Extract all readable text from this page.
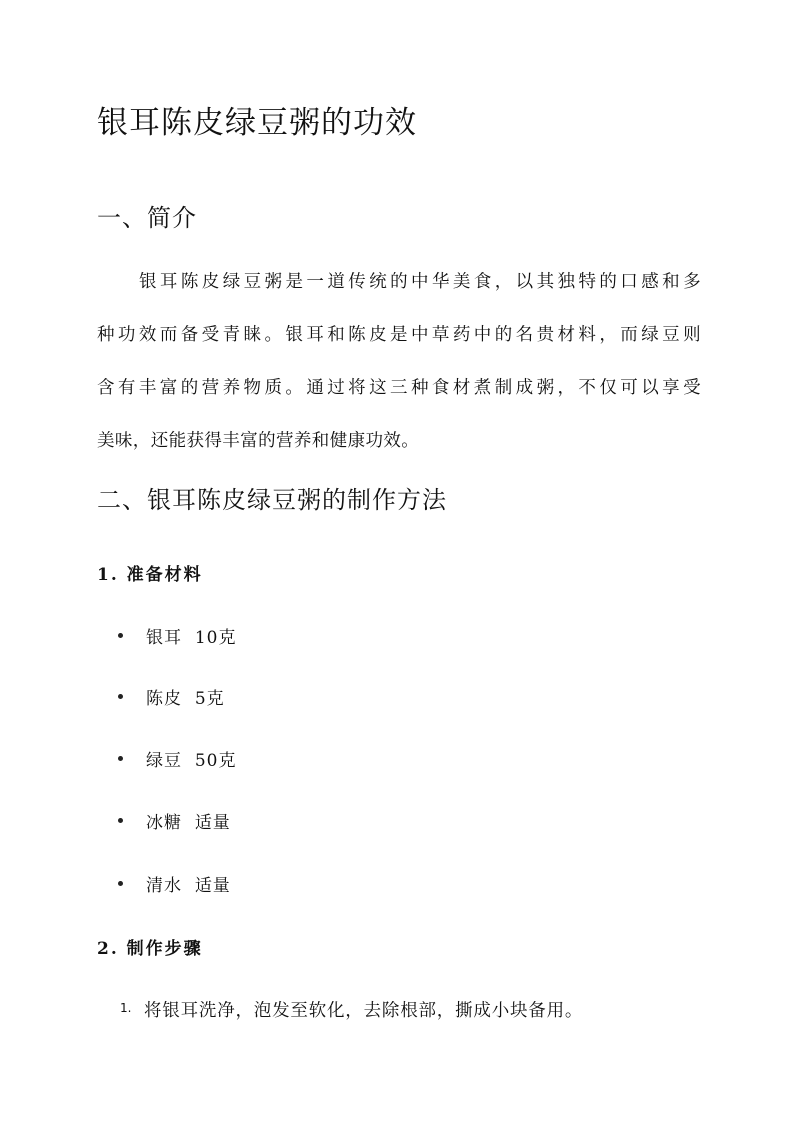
银耳陈皮绿豆粥的功效
一、简介
银耳陈皮绿豆粥是一道传统的中华美食，以其独特的口感和多
种功效而备受青睐。银耳和陈皮是中草药中的名贵材料，而绿豆则
含有丰富的营养物质。通过将这三种食材煮制成粥，不仅可以享受
美味，还能获得丰富的营养和健康功效。
二、银耳陈皮绿豆粥的制作方法
1. 准备材料
银耳 10克
陈皮 5克
绿豆 50克
冰糖 适量
清水 适量
2. 制作步骤
1. 将银耳洗净，泡发至软化，去除根部，撕成小块备用。
